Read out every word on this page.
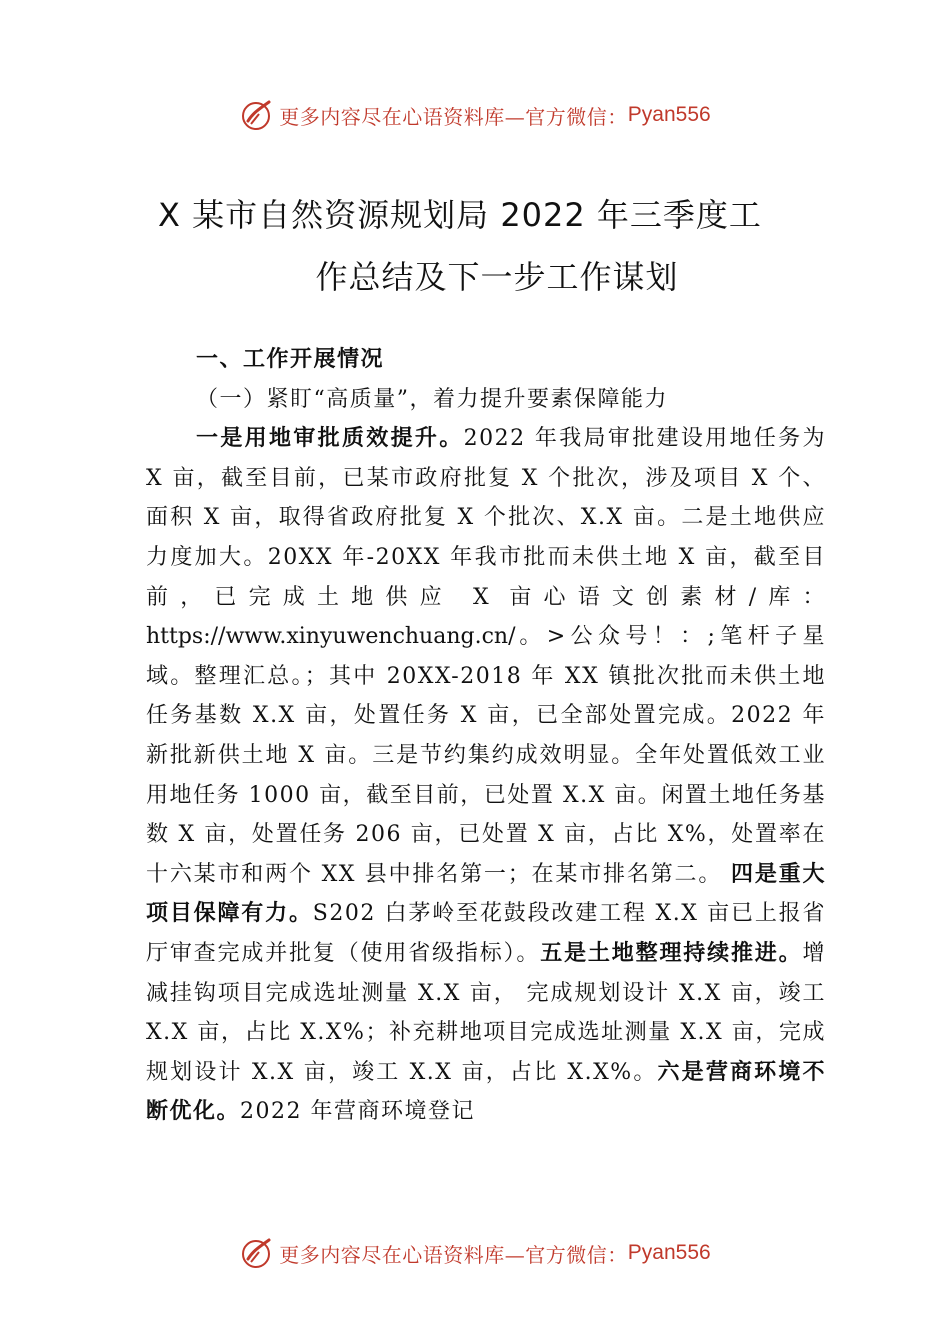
更多内容尽在心语资料库—官方微信： Pyan556
X 某市自然资源规划局 2022 年三季度工
作总结及下一步工作谋划

一、工作开展情况

（一）紧盯“高质量”，着力提升要素保障能力

一是用地审批质效提升。2022 年我局审批建设用地任务为 X 亩，截至目前，已某市政府批复 X 个批次，涉及项目 X 个、面积 X 亩，取得省政府批复 X 个批次、X.X 亩。二是土地供应力度加大。20XX 年-20XX 年我市批而未供土地 X 亩，截至目前，已完成土地供应 X 亩心语文创素材/库：https://www.xinyuwenchuang.cn/。>公众号！：;笔杆子星域。整理汇总。；其中 20XX-2018 年 XX 镇批次批而未供土地任务基数 X.X 亩，处置任务 X 亩，已全部处置完成。2022 年新批新供土地 X 亩。三是节约集约成效明显。全年处置低效工业用地任务 1000 亩，截至目前，已处置 X.X 亩。闲置土地任务基数 X 亩，处置任务 206 亩，已处置 X 亩，占比 X%，处置率在十六某市和两个 XX 县中排名第一；在某市排名第二。 四是重大项目保障有力。S202 白茅岭至花鼓段改建工程 X.X 亩已上报省厅审查完成并批复（使用省级指标）。五是土地整理持续推进。增减挂钩项目完成选址测量 X.X 亩， 完成规划设计 X.X 亩，竣工 X.X 亩，占比 X.X%；补充耕地项目完成选址测量 X.X 亩，完成规划设计 X.X 亩，竣工 X.X 亩，占比 X.X%。六是营商环境不断优化。2022 年营商环境登记

更多内容尽在心语资料库—官方微信： Pyan556
